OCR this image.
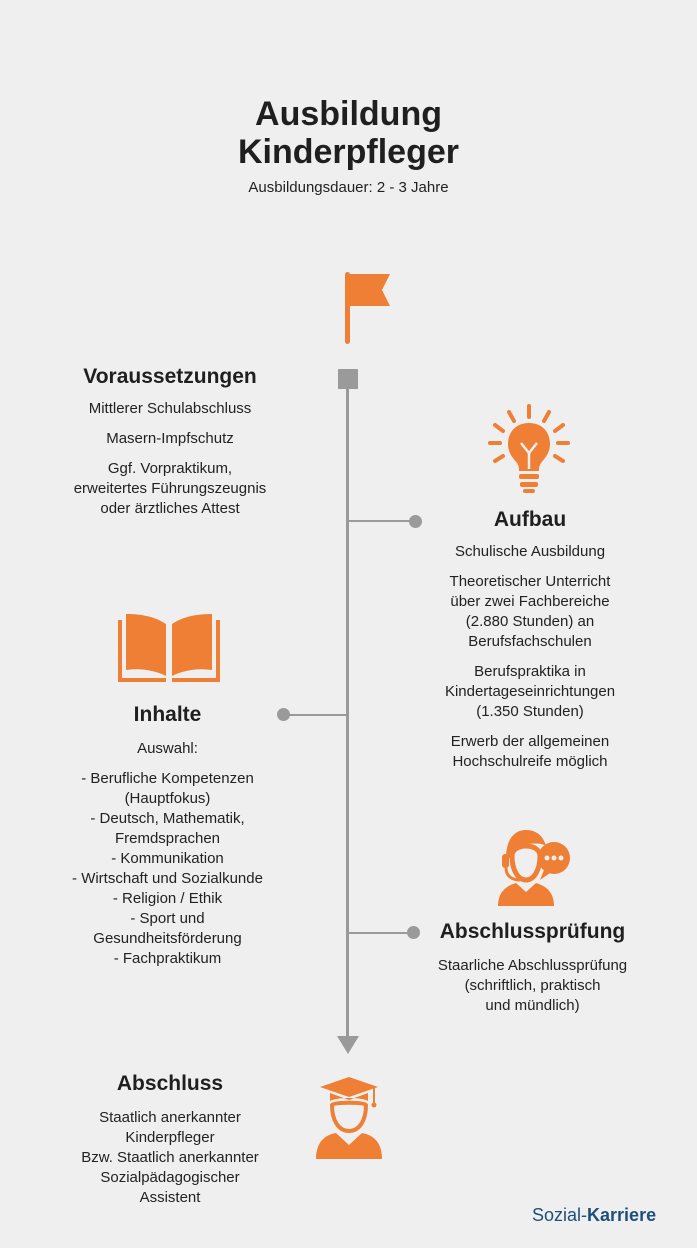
Ausbildung
Kinderpfleger
Ausbildungsdauer: 2 - 3 Jahre
Voraussetzungen
Mittlerer Schulabschluss
Masern-Impfschutz
Ggf. Vorpraktikum,
erweitertes Führungszeugnis
oder ärztliches Attest	Aufbau
Schulische Ausbildung
Theoretischer Unterricht
über zwei Fachbereiche
(2.880 Stunden) an
Berufsfachschulen
Berufspraktika in
Kindertageseinrichtungen
(1.350 Stunden)
Erwerb der allgemeinen
Hochschulreife möglich
Inhalte
Auswahl:
- Berufliche Kompetenzen
(Hauptfokus)
- Deutsch, Mathematik,
Fremdsprachen
- Kommunikation
- Wirtschaft und Sozialkunde
- Religion / Ethik
- Sport und
Gesundheitsförderung
- Fachpraktikum
Abschlussprüfung
Staarliche Abschlussprüfung
(schriftlich, praktisch
und mündlich)
Abschluss
Staatlich anerkannter
Kinderpfleger
Bzw. Staatlich anerkannter
Sozialpädagogischer
Assistent
Sozial-Karriere
